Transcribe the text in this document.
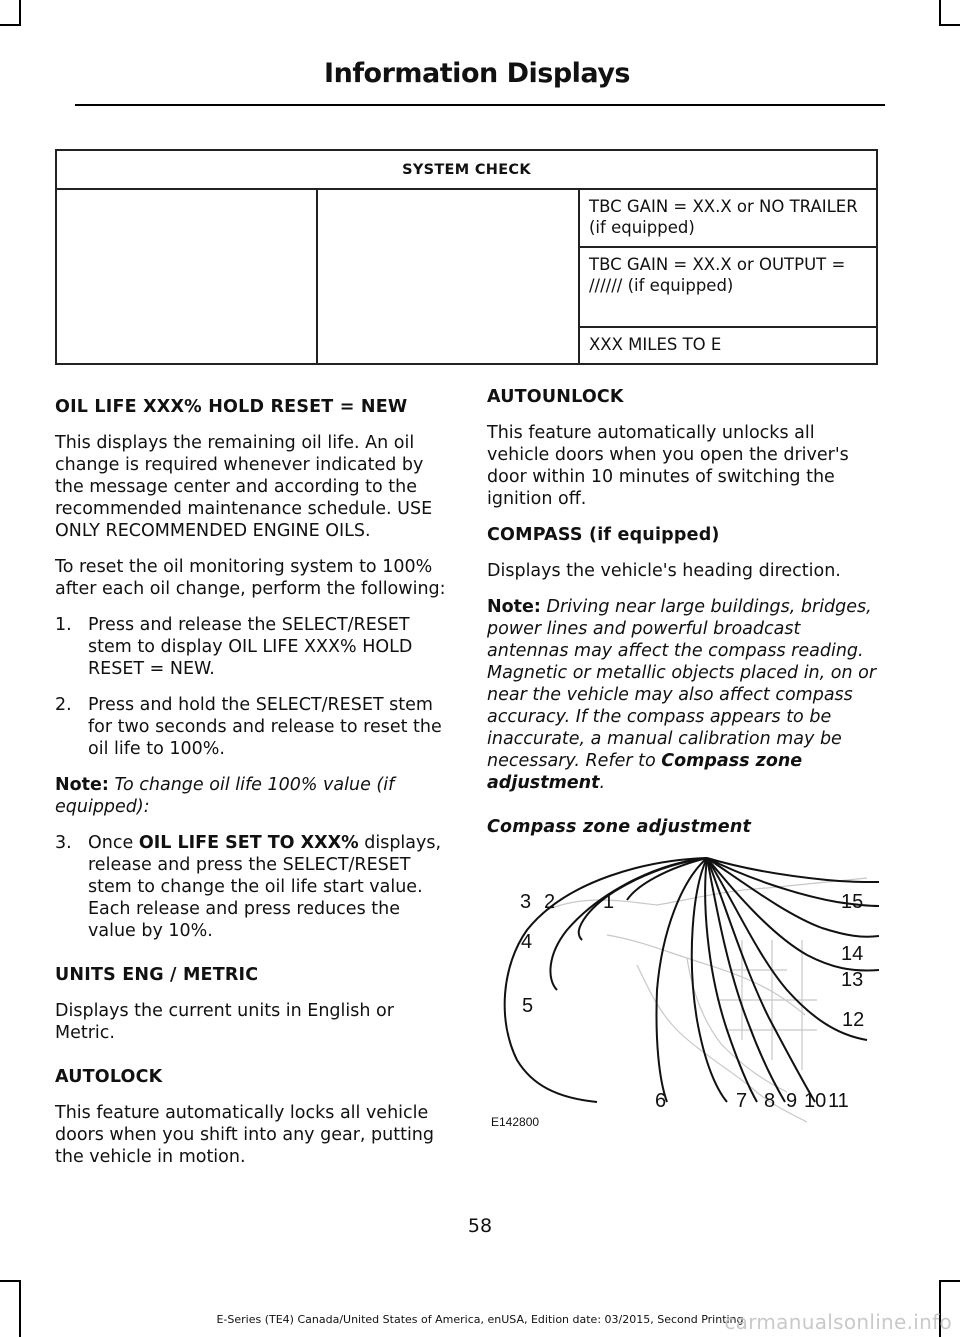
Information Displays
SYSTEM CHECK
		TBC GAIN = XX.X or NO TRAILER (if equipped)
TBC GAIN = XX.X or OUTPUT = ////// (if equipped)
XXX MILES TO E
OIL LIFE XXX% HOLD RESET = NEW

This displays the remaining oil life. An oil change is required whenever indicated by the message center and according to the recommended maintenance schedule. USE ONLY RECOMMENDED ENGINE OILS.

To reset the oil monitoring system to 100% after each oil change, perform the following:

1. Press and release the SELECT/RESET stem to display OIL LIFE XXX% HOLD RESET = NEW.
2. Press and hold the SELECT/RESET stem for two seconds and release to reset the oil life to 100%.

Note: To change oil life 100% value (if equipped):

3. Once OIL LIFE SET TO XXX% displays, release and press the SELECT/RESET stem to change the oil life start value. Each release and press reduces the value by 10%.
UNITS ENG / METRIC

Displays the current units in English or Metric.

AUTOLOCK

This feature automatically locks all vehicle doors when you shift into any gear, putting the vehicle in motion.

AUTOUNLOCK

This feature automatically unlocks all vehicle doors when you open the driver's door within 10 minutes of switching the ignition off.

COMPASS (if equipped)

Displays the vehicle's heading direction.

Note: Driving near large buildings, bridges, power lines and powerful broadcast antennas may affect the compass reading. Magnetic or metallic objects placed in, on or near the vehicle may also affect compass accuracy. If the compass appears to be inaccurate, a manual calibration may be necessary. Refer to Compass zone adjustment.

Compass zone adjustment
1
2
3
4
5
6	7 8 9 10 11
12
13
14
15
E142800
58
E-Series (TE4) Canada/United States of America, enUSA, Edition date: 03/2015, Second Printing
carmanualsonline.info
